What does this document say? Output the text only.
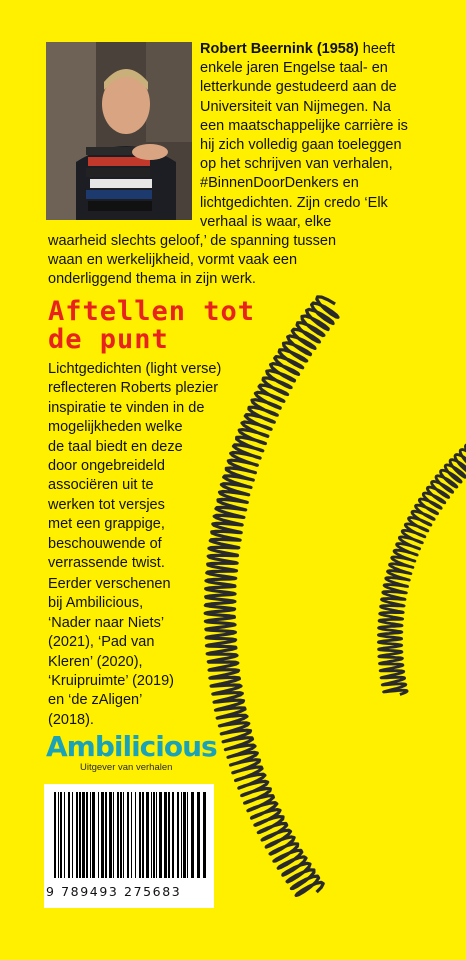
Robert Beernink (1958) heeft
enkele jaren Engelse taal- en
letterkunde gestudeerd aan de
Universiteit van Nijmegen. Na
een maatschappelijke carrière is
hij zich volledig gaan toeleggen
op het schrijven van verhalen,
#BinnenDoorDenkers en
lichtgedichten. Zijn credo ‘Elk
verhaal is waar, elke
waarheid slechts geloof,’ de spanning tussen
waan en werkelijkheid, vormt vaak een
onderliggend thema in zijn werk.
Aftellen tot
de punt
Lichtgedichten (light verse)
reflecteren Roberts plezier
inspiratie te vinden in de
mogelijkheden welke
de taal biedt en deze
door ongebreideld
associëren uit te
werken tot versjes
met een grappige,
beschouwende of
verrassende twist.
Eerder verschenen
bij Ambilicious,
‘Nader naar Niets’
(2021), ‘Pad van
Kleren’ (2020),
‘Kruipruimte’ (2019)
en ‘de zAligen’
(2018).
Ambilicious
Uitgever van verhalen
9 789493 275683
